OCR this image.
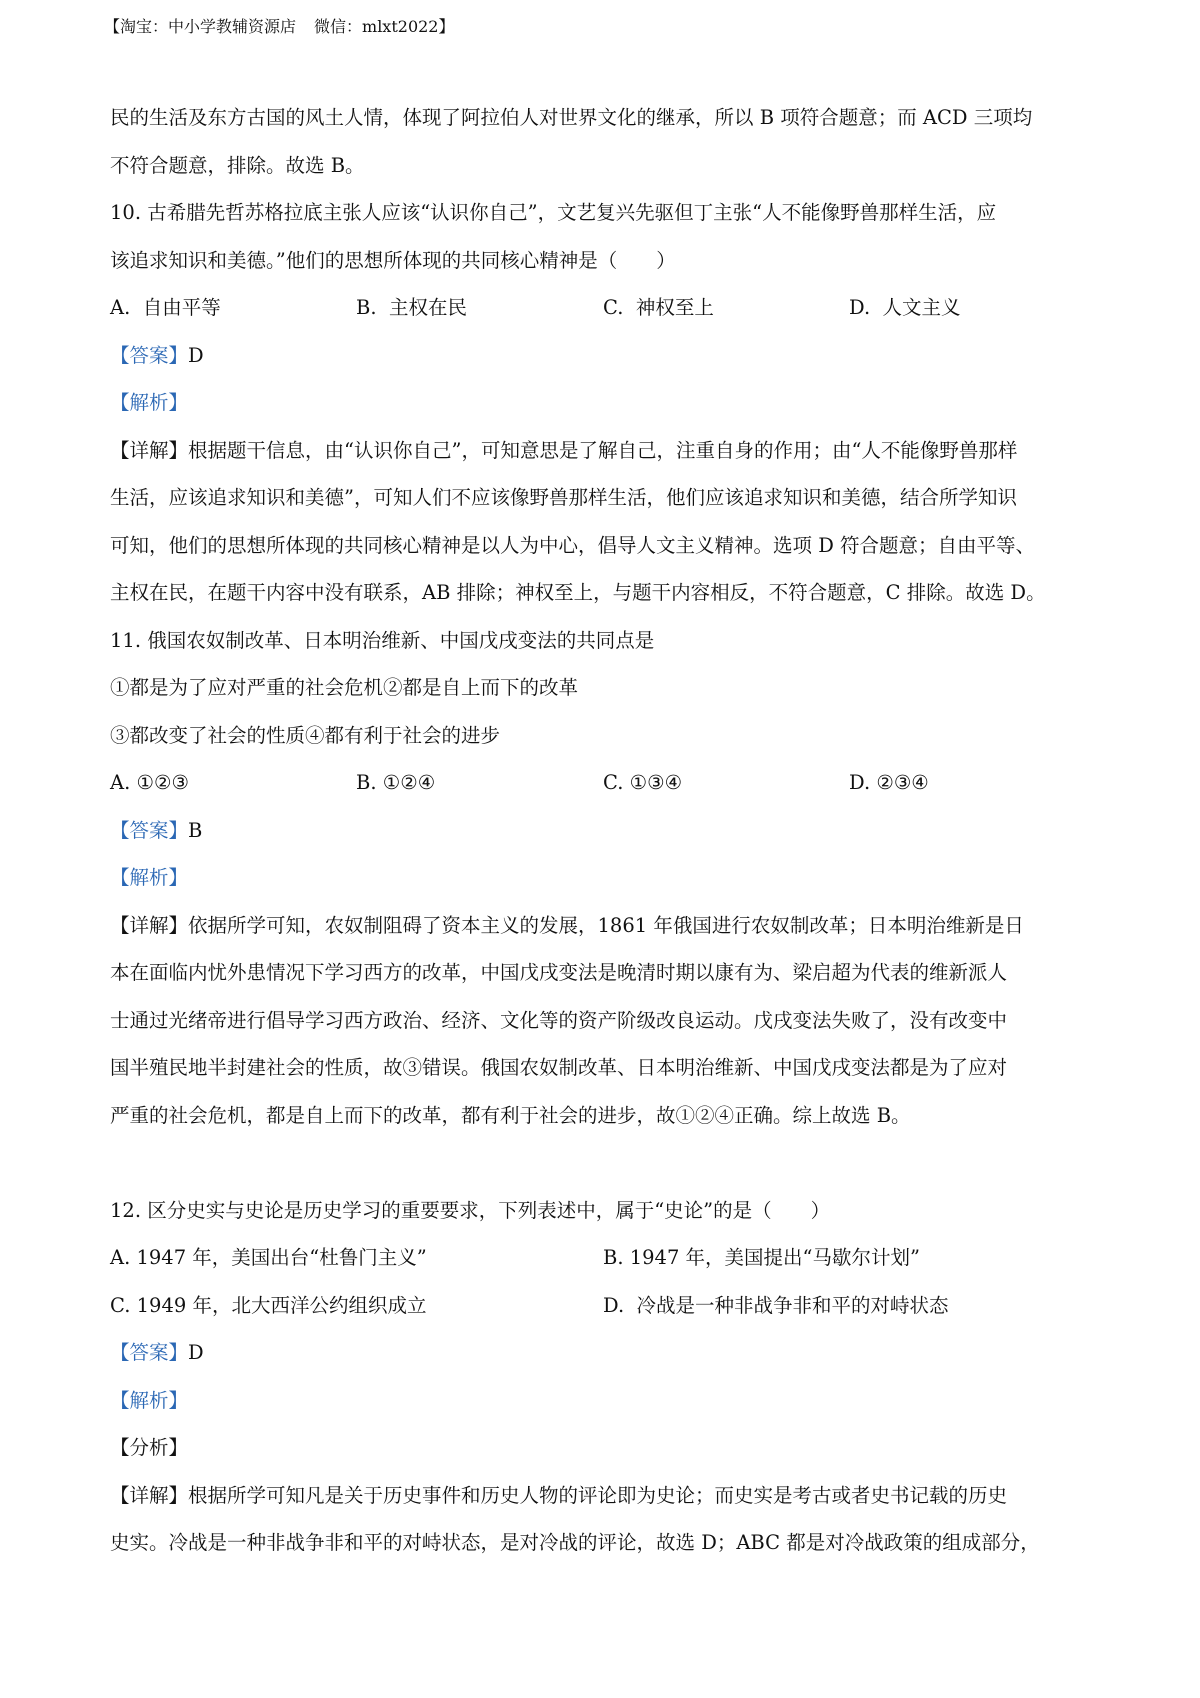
【淘宝：中小学教辅资源店 微信：mlxt2022】
民的生活及东方古国的风土人情，体现了阿拉伯人对世界文化的继承，所以 B 项符合题意；而 ACD 三项均
不符合题意，排除。故选 B。
10. 古希腊先哲苏格拉底主张人应该“认识你自己”，文艺复兴先驱但丁主张“人不能像野兽那样生活，应
该追求知识和美德。”他们的思想所体现的共同核心精神是（　　）
A. 自由平等	B. 主权在民	C. 神权至上	D. 人文主义
【答案】D
【解析】
【详解】根据题干信息，由“认识你自己”，可知意思是了解自己，注重自身的作用；由“人不能像野兽那样
生活，应该追求知识和美德”，可知人们不应该像野兽那样生活，他们应该追求知识和美德，结合所学知识
可知，他们的思想所体现的共同核心精神是以人为中心，倡导人文主义精神。选项 D 符合题意；自由平等、
主权在民，在题干内容中没有联系，AB 排除；神权至上，与题干内容相反，不符合题意，C 排除。故选 D。
11. 俄国农奴制改革、日本明治维新、中国戊戌变法的共同点是
①都是为了应对严重的社会危机②都是自上而下的改革
③都改变了社会的性质④都有利于社会的进步
A. ①②③	B. ①②④	C. ①③④	D. ②③④
【答案】B
【解析】
【详解】依据所学可知，农奴制阻碍了资本主义的发展，1861 年俄国进行农奴制改革；日本明治维新是日
本在面临内忧外患情况下学习西方的改革，中国戊戌变法是晚清时期以康有为、梁启超为代表的维新派人
士通过光绪帝进行倡导学习西方政治、经济、文化等的资产阶级改良运动。戊戌变法失败了，没有改变中
国半殖民地半封建社会的性质，故③错误。俄国农奴制改革、日本明治维新、中国戊戌变法都是为了应对
严重的社会危机，都是自上而下的改革，都有利于社会的进步，故①②④正确。综上故选 B。
12. 区分史实与史论是历史学习的重要要求，下列表述中，属于“史论”的是（　　）
A. 1947 年，美国出台“杜鲁门主义”	B. 1947 年，美国提出“马歇尔计划”
C. 1949 年，北大西洋公约组织成立	D. 冷战是一种非战争非和平的对峙状态
【答案】D
【解析】
【分析】
【详解】根据所学可知凡是关于历史事件和历史人物的评论即为史论；而史实是考古或者史书记载的历史
史实。冷战是一种非战争非和平的对峙状态，是对冷战的评论，故选 D；ABC 都是对冷战政策的组成部分，
